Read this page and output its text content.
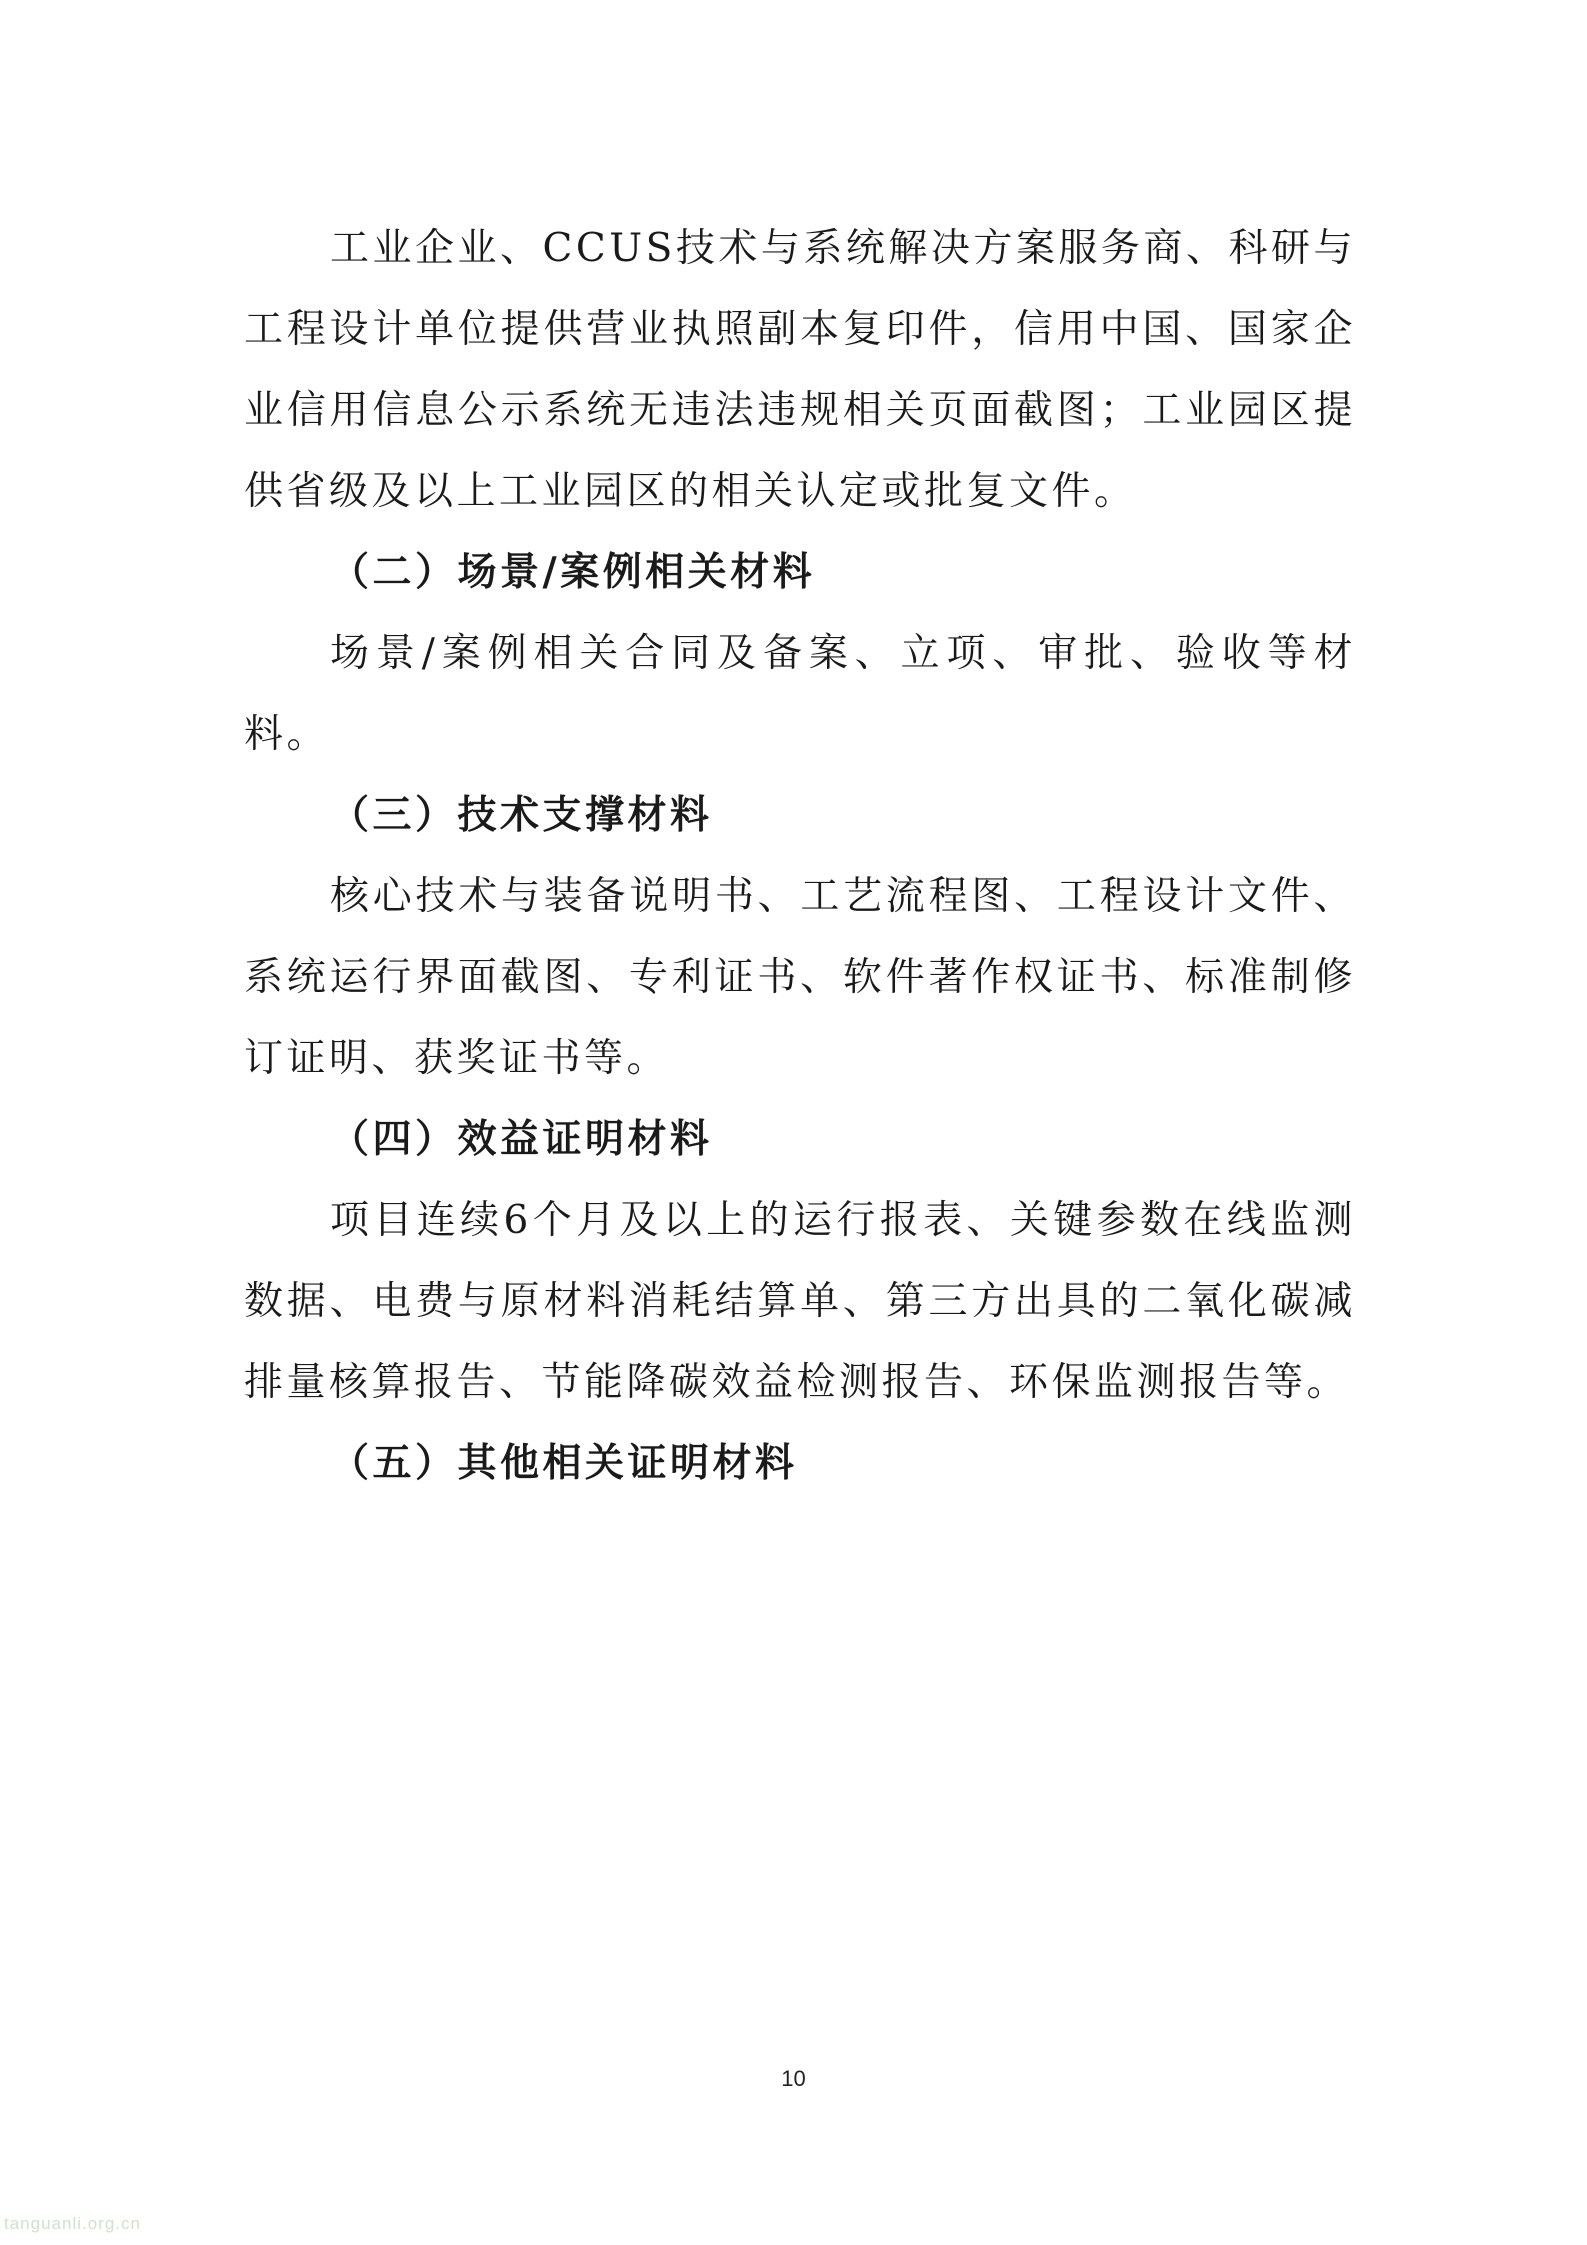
工业企业、CCUS技术与系统解决方案服务商、科研与工程设计单位提供营业执照副本复印件，信用中国、国家企业信用信息公示系统无违法违规相关页面截图；工业园区提供省级及以上工业园区的相关认定或批复文件。

（二）场景/案例相关材料

场景/案例相关合同及备案、立项、审批、验收等材料。

（三）技术支撑材料

核心技术与装备说明书、工艺流程图、工程设计文件、系统运行界面截图、专利证书、软件著作权证书、标准制修订证明、获奖证书等。

（四）效益证明材料

项目连续6个月及以上的运行报表、关键参数在线监测数据、电费与原材料消耗结算单、第三方出具的二氧化碳减排量核算报告、节能降碳效益检测报告、环保监测报告等。

（五）其他相关证明材料

10
tanguanli.org.cn
